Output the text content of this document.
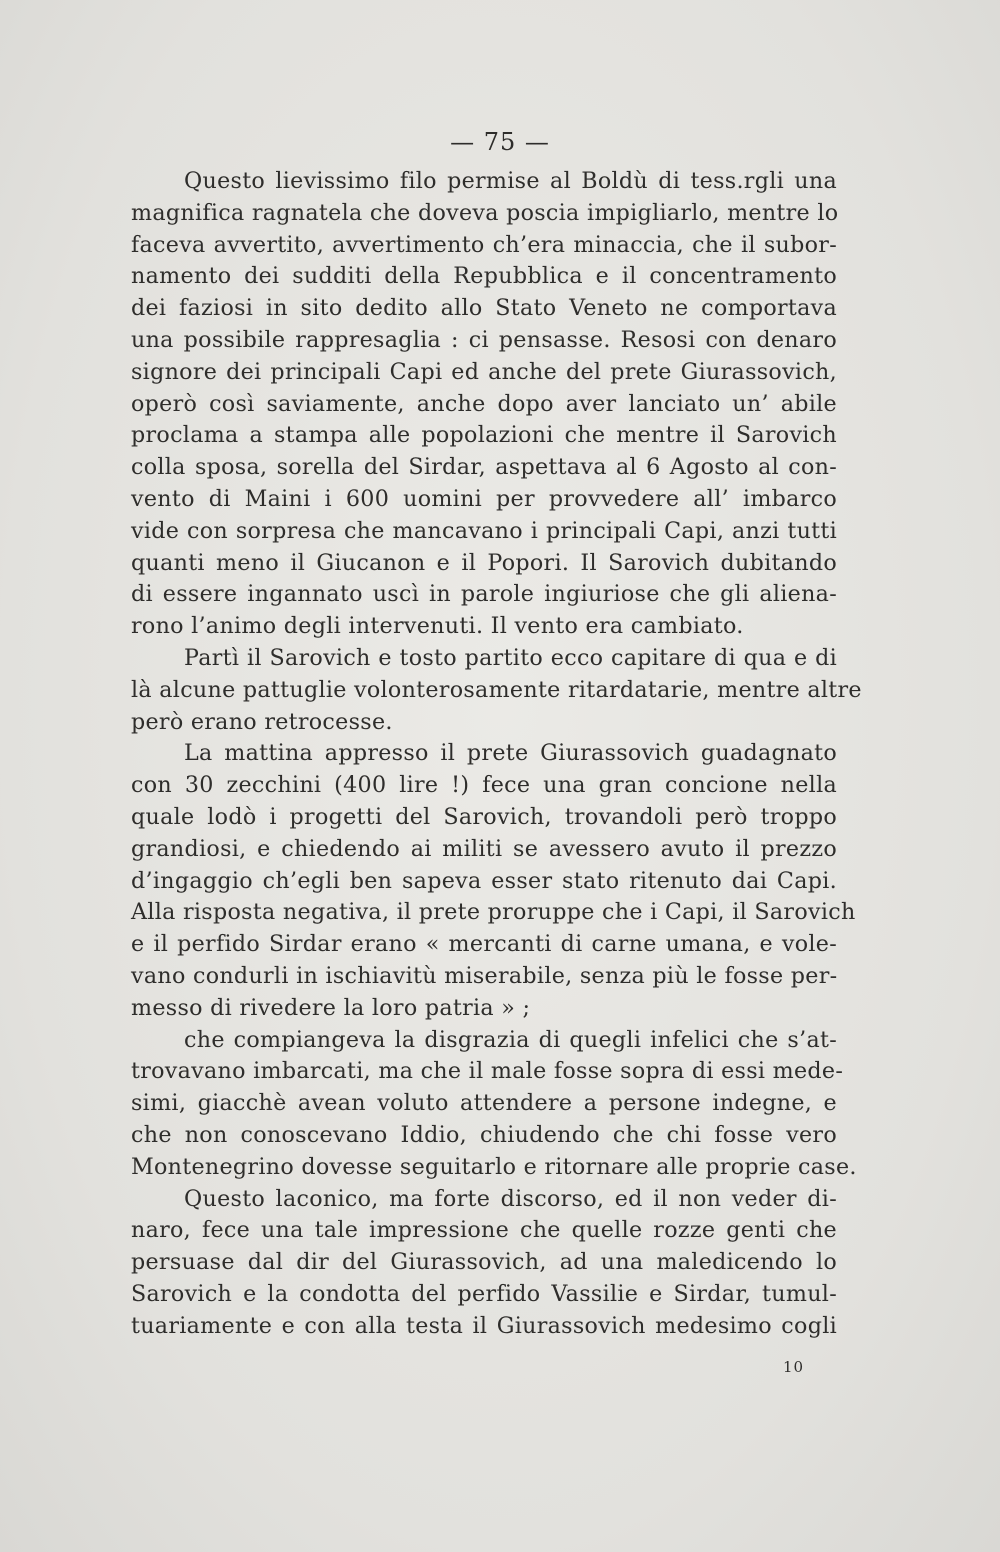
— 75 —
Questo lievissimo filo permise al Boldù di tess.rgli una
magnifica ragnatela che doveva poscia impigliarlo, mentre lo
faceva avvertito, avvertimento ch’era minaccia, che il subor-
namento dei sudditi della Repubblica e il concentramento
dei faziosi in sito dedito allo Stato Veneto ne comportava
una possibile rappresaglia : ci pensasse. Resosi con denaro
signore dei principali Capi ed anche del prete Giurassovich,
operò così saviamente, anche dopo aver lanciato un’ abile
proclama a stampa alle popolazioni che mentre il Sarovich
colla sposa, sorella del Sirdar, aspettava al 6 Agosto al con-
vento di Maini i 600 uomini per provvedere all’ imbarco
vide con sorpresa che mancavano i principali Capi, anzi tutti
quanti meno il Giucanon e il Popori. Il Sarovich dubitando
di essere ingannato uscì in parole ingiuriose che gli aliena-
rono l’animo degli intervenuti. Il vento era cambiato.
Partì il Sarovich e tosto partito ecco capitare di qua e di
là alcune pattuglie volonterosamente ritardatarie, mentre altre
però erano retrocesse.
La mattina appresso il prete Giurassovich guadagnato
con 30 zecchini (400 lire !) fece una gran concione nella
quale lodò i progetti del Sarovich, trovandoli però troppo
grandiosi, e chiedendo ai militi se avessero avuto il prezzo
d’ingaggio ch’egli ben sapeva esser stato ritenuto dai Capi.
Alla risposta negativa, il prete proruppe che i Capi, il Sarovich
e il perfido Sirdar erano « mercanti di carne umana, e vole-
vano condurli in ischiavitù miserabile, senza più le fosse per-
messo di rivedere la loro patria » ;
che compiangeva la disgrazia di quegli infelici che s’at-
trovavano imbarcati, ma che il male fosse sopra di essi mede-
simi, giacchè avean voluto attendere a persone indegne, e
che non conoscevano Iddio, chiudendo che chi fosse vero
Montenegrino dovesse seguitarlo e ritornare alle proprie case.
Questo laconico, ma forte discorso, ed il non veder di-
naro, fece una tale impressione che quelle rozze genti che
persuase dal dir del Giurassovich, ad una maledicendo lo
Sarovich e la condotta del perfido Vassilie e Sirdar, tumul-
tuariamente e con alla testa il Giurassovich medesimo cogli
10
